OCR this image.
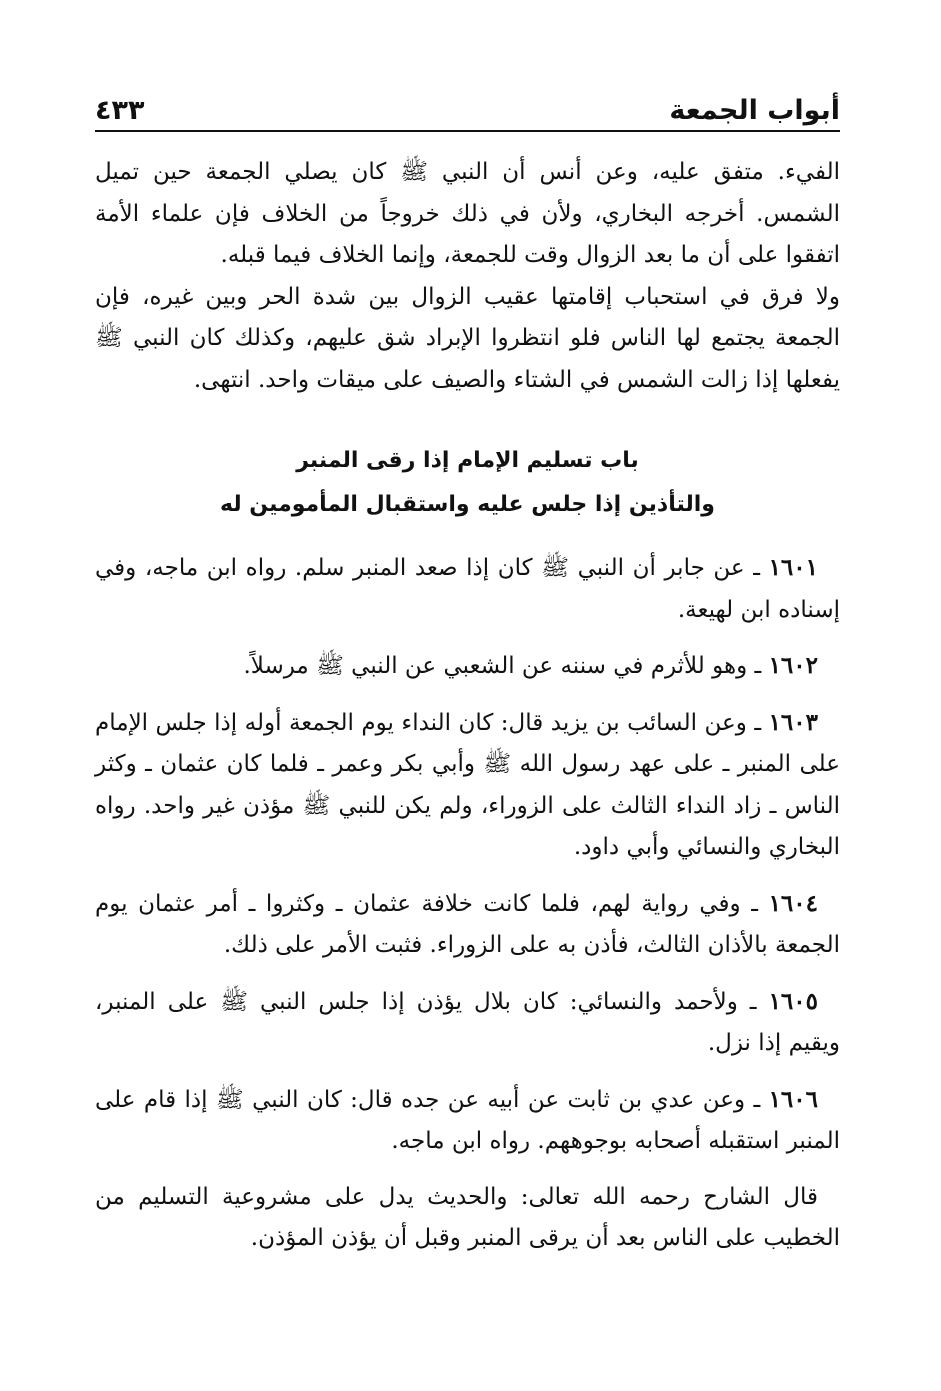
أبواب الجمعة
٤٣٣

الفيء. متفق عليه، وعن أنس أن النبي ﷺ كان يصلي الجمعة حين تميل الشمس. أخرجه البخاري، ولأن في ذلك خروجاً من الخلاف فإن علماء الأمة اتفقوا على أن ما بعد الزوال وقت للجمعة، وإنما الخلاف فيما قبله.

ولا فرق في استحباب إقامتها عقيب الزوال بين شدة الحر وبين غيره، فإن الجمعة يجتمع لها الناس فلو انتظروا الإبراد شق عليهم، وكذلك كان النبي ﷺ يفعلها إذا زالت الشمس في الشتاء والصيف على ميقات واحد. انتهى.

باب تسليم الإمام إذا رقى المنبر
والتأذين إذا جلس عليه واستقبال المأمومين له

١٦٠١ ـ عن جابر أن النبي ﷺ كان إذا صعد المنبر سلم. رواه ابن ماجه، وفي إسناده ابن لهيعة.

١٦٠٢ ـ وهو للأثرم في سننه عن الشعبي عن النبي ﷺ مرسلاً.

١٦٠٣ ـ وعن السائب بن يزيد قال: كان النداء يوم الجمعة أوله إذا جلس الإمام على المنبر ـ على عهد رسول الله ﷺ وأبي بكر وعمر ـ فلما كان عثمان ـ وكثر الناس ـ زاد النداء الثالث على الزوراء، ولم يكن للنبي ﷺ مؤذن غير واحد. رواه البخاري والنسائي وأبي داود.

١٦٠٤ ـ وفي رواية لهم، فلما كانت خلافة عثمان ـ وكثروا ـ أمر عثمان يوم الجمعة بالأذان الثالث، فأذن به على الزوراء. فثبت الأمر على ذلك.

١٦٠٥ ـ ولأحمد والنسائي: كان بلال يؤذن إذا جلس النبي ﷺ على المنبر، ويقيم إذا نزل.

١٦٠٦ ـ وعن عدي بن ثابت عن أبيه عن جده قال: كان النبي ﷺ إذا قام على المنبر استقبله أصحابه بوجوههم. رواه ابن ماجه.

قال الشارح رحمه الله تعالى: والحديث يدل على مشروعية التسليم من الخطيب على الناس بعد أن يرقى المنبر وقبل أن يؤذن المؤذن.
